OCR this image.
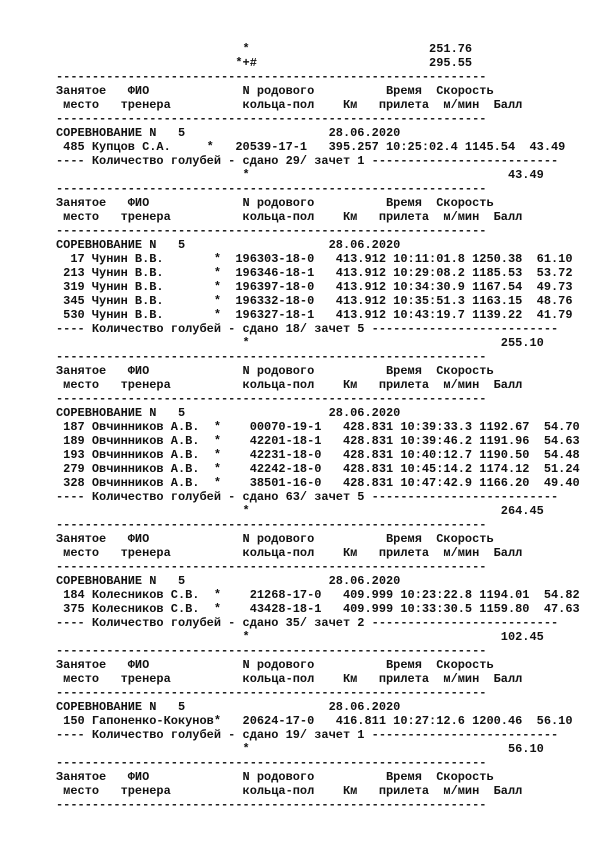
*                         251.76
*+#                        295.55
------------------------------------------------------------
Занятое   ФИО             N родового          Время  Скорость
место   тренера          кольца-пол    Км   прилета  м/мин  Балл
------------------------------------------------------------
СОРЕВНОВАНИЕ N   5                    28.06.2020
485 Купцов С.А.     *   20539-17-1   395.257 10:25:02.4 1145.54  43.49
---- Количество голубей - сдано 29/ зачет 1 --------------------------
*                                    43.49
------------------------------------------------------------
Занятое   ФИО             N родового          Время  Скорость
место   тренера          кольца-пол    Км   прилета  м/мин  Балл
------------------------------------------------------------
СОРЕВНОВАНИЕ N   5                    28.06.2020
17 Чунин В.В.       *  196303-18-0   413.912 10:11:01.8 1250.38  61.10
213 Чунин В.В.       *  196346-18-1   413.912 10:29:08.2 1185.53  53.72
319 Чунин В.В.       *  196397-18-0   413.912 10:34:30.9 1167.54  49.73
345 Чунин В.В.       *  196332-18-0   413.912 10:35:51.3 1163.15  48.76
530 Чунин В.В.       *  196327-18-1   413.912 10:43:19.7 1139.22  41.79
---- Количество голубей - сдано 18/ зачет 5 --------------------------
*                                   255.10
------------------------------------------------------------
Занятое   ФИО             N родового          Время  Скорость
место   тренера          кольца-пол    Км   прилета  м/мин  Балл
------------------------------------------------------------
СОРЕВНОВАНИЕ N   5                    28.06.2020
187 Овчинников А.В.  *    00070-19-1   428.831 10:39:33.3 1192.67  54.70
189 Овчинников А.В.  *    42201-18-1   428.831 10:39:46.2 1191.96  54.63
193 Овчинников А.В.  *    42231-18-0   428.831 10:40:12.7 1190.50  54.48
279 Овчинников А.В.  *    42242-18-0   428.831 10:45:14.2 1174.12  51.24
328 Овчинников А.В.  *    38501-16-0   428.831 10:47:42.9 1166.20  49.40
---- Количество голубей - сдано 63/ зачет 5 --------------------------
*                                   264.45
------------------------------------------------------------
Занятое   ФИО             N родового          Время  Скорость
место   тренера          кольца-пол    Км   прилета  м/мин  Балл
------------------------------------------------------------
СОРЕВНОВАНИЕ N   5                    28.06.2020
184 Колесников С.В.  *    21268-17-0   409.999 10:23:22.8 1194.01  54.82
375 Колесников С.В.  *    43428-18-1   409.999 10:33:30.5 1159.80  47.63
---- Количество голубей - сдано 35/ зачет 2 --------------------------
*                                   102.45
------------------------------------------------------------
Занятое   ФИО             N родового          Время  Скорость
место   тренера          кольца-пол    Км   прилета  м/мин  Балл
------------------------------------------------------------
СОРЕВНОВАНИЕ N   5                    28.06.2020
150 Гапоненко-Кокунов*   20624-17-0   416.811 10:27:12.6 1200.46  56.10
---- Количество голубей - сдано 19/ зачет 1 --------------------------
*                                    56.10
------------------------------------------------------------
Занятое   ФИО             N родового          Время  Скорость
место   тренера          кольца-пол    Км   прилета  м/мин  Балл
------------------------------------------------------------
